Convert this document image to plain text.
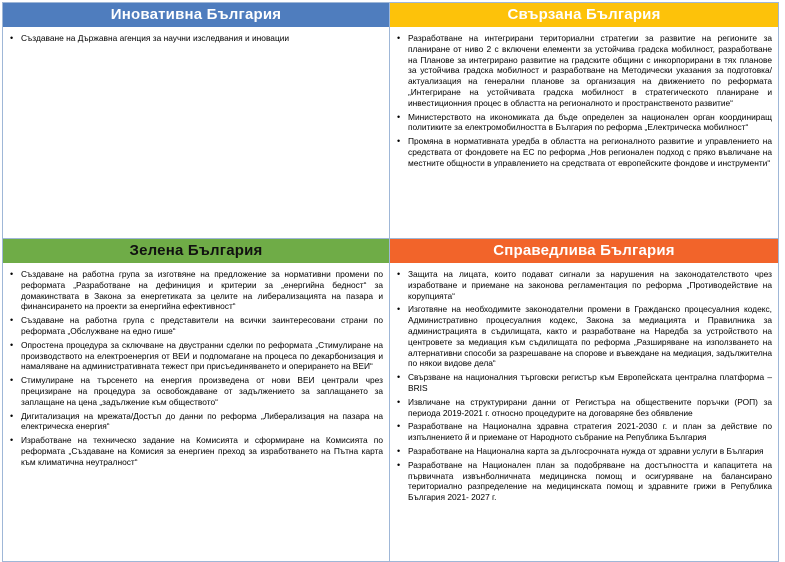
Иновативна България
• Създаване на Държавна агенция за научни изследвания и иновации
Свързана България
• Разработване на интегрирани териториални стратегии за развитие на регионите за планиране от ниво 2 с включени елементи за устойчива градска мобилност, разработване на Планове за интегрирано развитие на градските общини с инкорпорирани в тях планове за устойчива градска мобилност и разработване на Методически указания за подготовка/актуализация на генерални планове за организация на движението по реформата „Интегриране на устойчивата градска мобилност в стратегическото планиране и инвестиционния процес в областта на регионалното и пространственото развитие“
• Министерството на икономиката да бъде определен за национален орган координиращ политиките за електромобилността в България по реформа „Електрическа мобилност“
• Промяна в нормативната уредба в областта на регионалното развитие и управлението на средствата от фондовете на ЕС по реформа „Нов регионален подход с пряко въвличане на местните общности в управлението на средствата от европейските фондове и инструменти“
Зелена България
• Създаване на работна група за изготвяне на предложение за нормативни промени по реформата „Разработване на дефиниция и критерии за „енергийна бедност“ за домакинствата в Закона за енергетиката за целите на либерализацията на пазара и финансирането на проекти за енергийна ефективност“
• Създаване на работна група с представители на всички заинтересовани страни по реформата „Обслужване на едно гише“
• Опростена процедура за сключване на двустранни сделки по реформата „Стимулиране на производството на електроенергия от ВЕИ и подпомагане на процеса по декарбонизация и намаляване на административната тежест при присъединяването и оперирането на ВЕИ“
• Стимулиране на търсенето на енергия произведена от нови ВЕИ централи чрез прецизиране на процедура за освобождаване от задължението за заплащането за заплащане на цена „задължение към обществото“
• Дигитализация на мрежата/Достъп до данни по реформа „Либерализация на пазара на електрическа енергия“
• Изработване на техническо задание на Комисията и сформиране на Комисията по реформата „Създаване на Комисия за енергиен преход за изработването на Пътна карта към климатична неутралност“
Справедлива България
• Защита на лицата, които подават сигнали за нарушения на законодателството чрез изработване и приемане на законова регламентация по реформа „Противодействие на корупцията“
• Изготвяне на необходимите законодателни промени в Гражданско процесуалния кодекс, Административно процесуалния кодекс, Закона за медиацията и Правилника за администрацията в съдилищата, както и разработване на Наредба за устройството на центровете за медиация към съдилищата по реформа „Разширяване на използването на алтернативни способи за разрешаване на спорове и въвеждане на медиация, задължителна по някои видове дела“
• Свързване на националния търговски регистър към Европейската централна платформа – BRIS
• Извличане на структурирани данни от Регистъра на обществените поръчки (РОП) за периода 2019-2021 г. относно процедурите на договаряне без обявление
• Разработване на Национална здравна стратегия 2021-2030 г. и план за действие по изпълнението й и приемане от Народното събрание на Република България
• Разработване на Национална карта за дългосрочната нужда от здравни услуги в България
• Разработване на Национален план за подобряване на достъпността и капацитета на първичната извънболничната медицинска помощ и осигуряване на балансирано териториално разпределение на медицинската помощ и здравните грижи в Република България 2021- 2027 г.
